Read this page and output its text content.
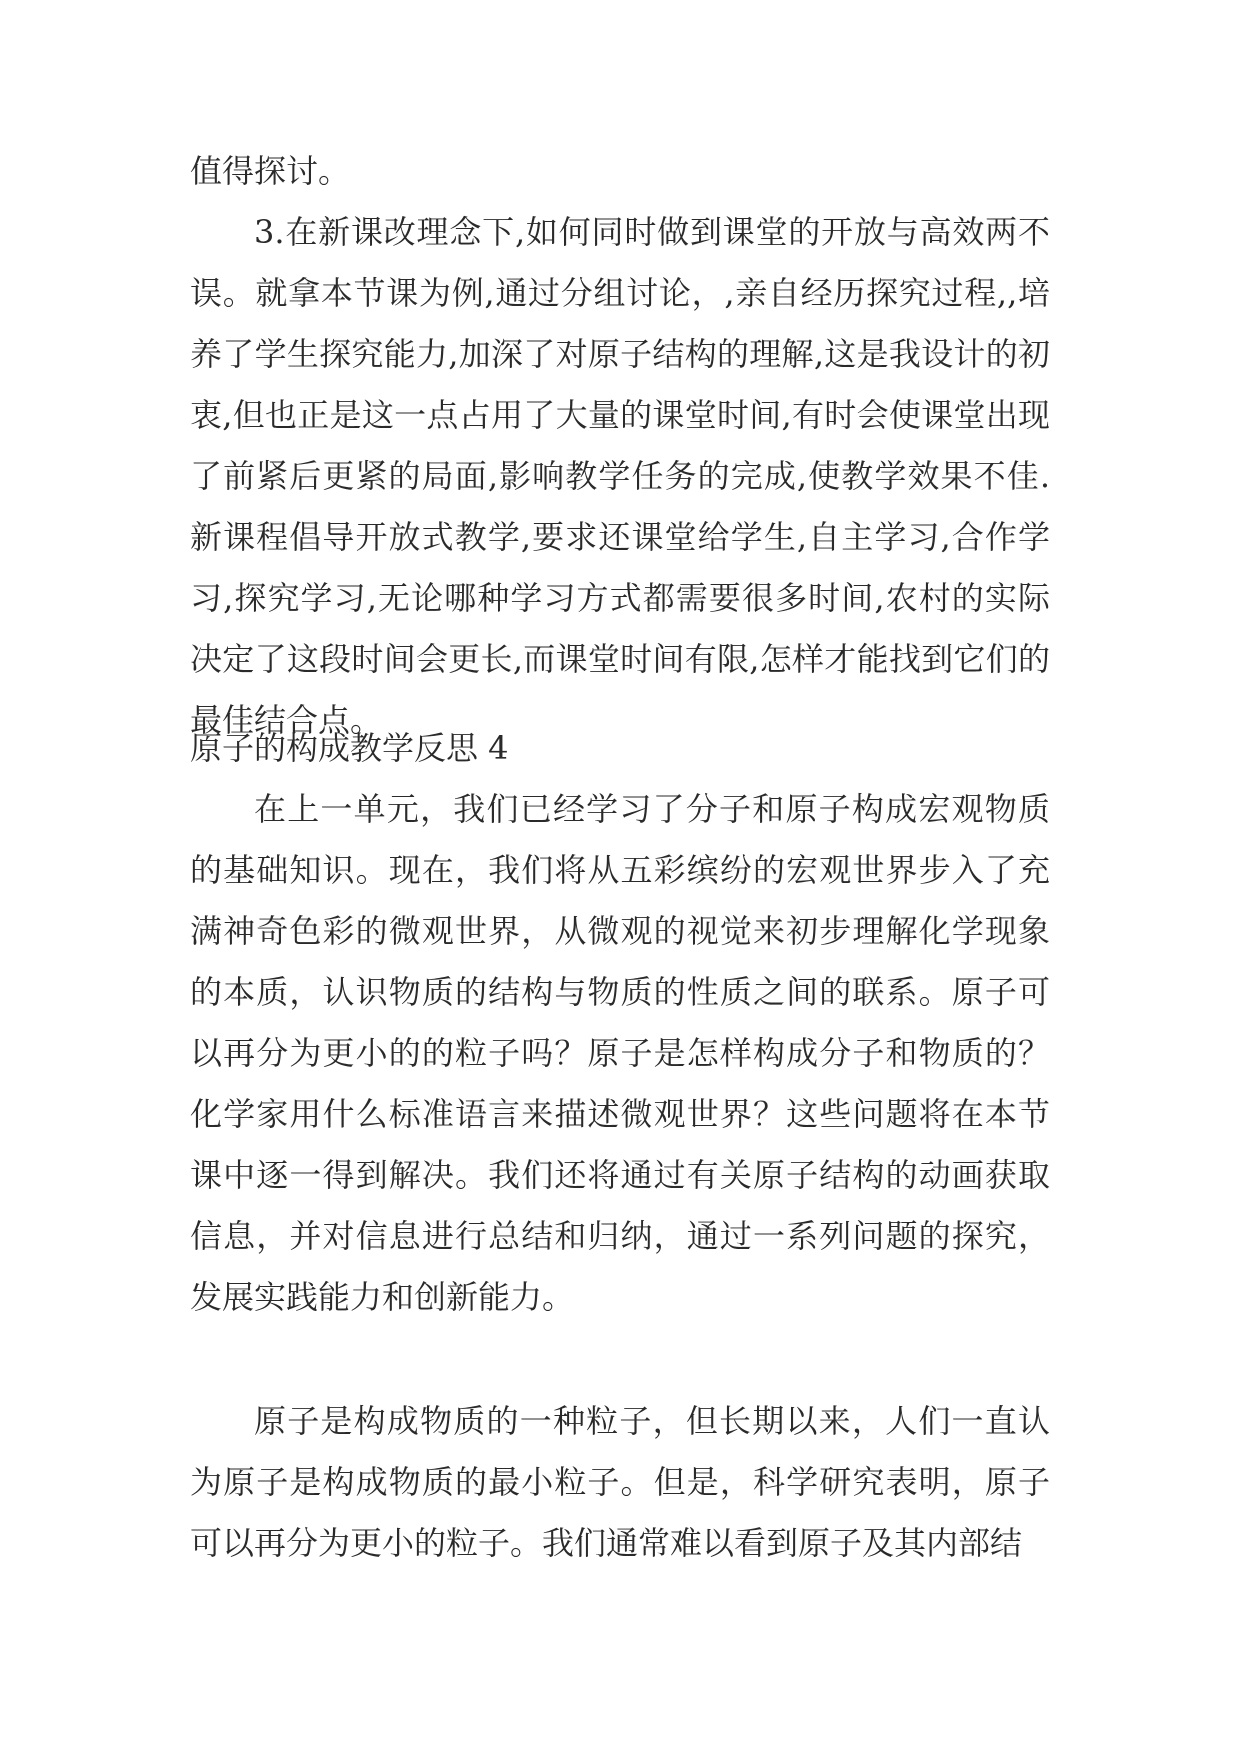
值得探讨。

3.在新课改理念下,如何同时做到课堂的开放与高效两不误。就拿本节课为例,通过分组讨论，,亲自经历探究过程,,培养了学生探究能力,加深了对原子结构的理解,这是我设计的初衷,但也正是这一点占用了大量的课堂时间,有时会使课堂出现了前紧后更紧的局面,影响教学任务的完成,使教学效果不佳.新课程倡导开放式教学,要求还课堂给学生,自主学习,合作学习,探究学习,无论哪种学习方式都需要很多时间,农村的实际决定了这段时间会更长,而课堂时间有限,怎样才能找到它们的最佳结合点。

原子的构成教学反思 4

在上一单元，我们已经学习了分子和原子构成宏观物质的基础知识。现在，我们将从五彩缤纷的宏观世界步入了充满神奇色彩的微观世界，从微观的视觉来初步理解化学现象的本质，认识物质的结构与物质的性质之间的联系。原子可以再分为更小的的粒子吗？原子是怎样构成分子和物质的？化学家用什么标准语言来描述微观世界？这些问题将在本节课中逐一得到解决。我们还将通过有关原子结构的动画获取信息，并对信息进行总结和归纳，通过一系列问题的探究，发展实践能力和创新能力。

原子是构成物质的一种粒子，但长期以来，人们一直认为原子是构成物质的最小粒子。但是，科学研究表明，原子可以再分为更小的粒子。我们通常难以看到原子及其内部结
